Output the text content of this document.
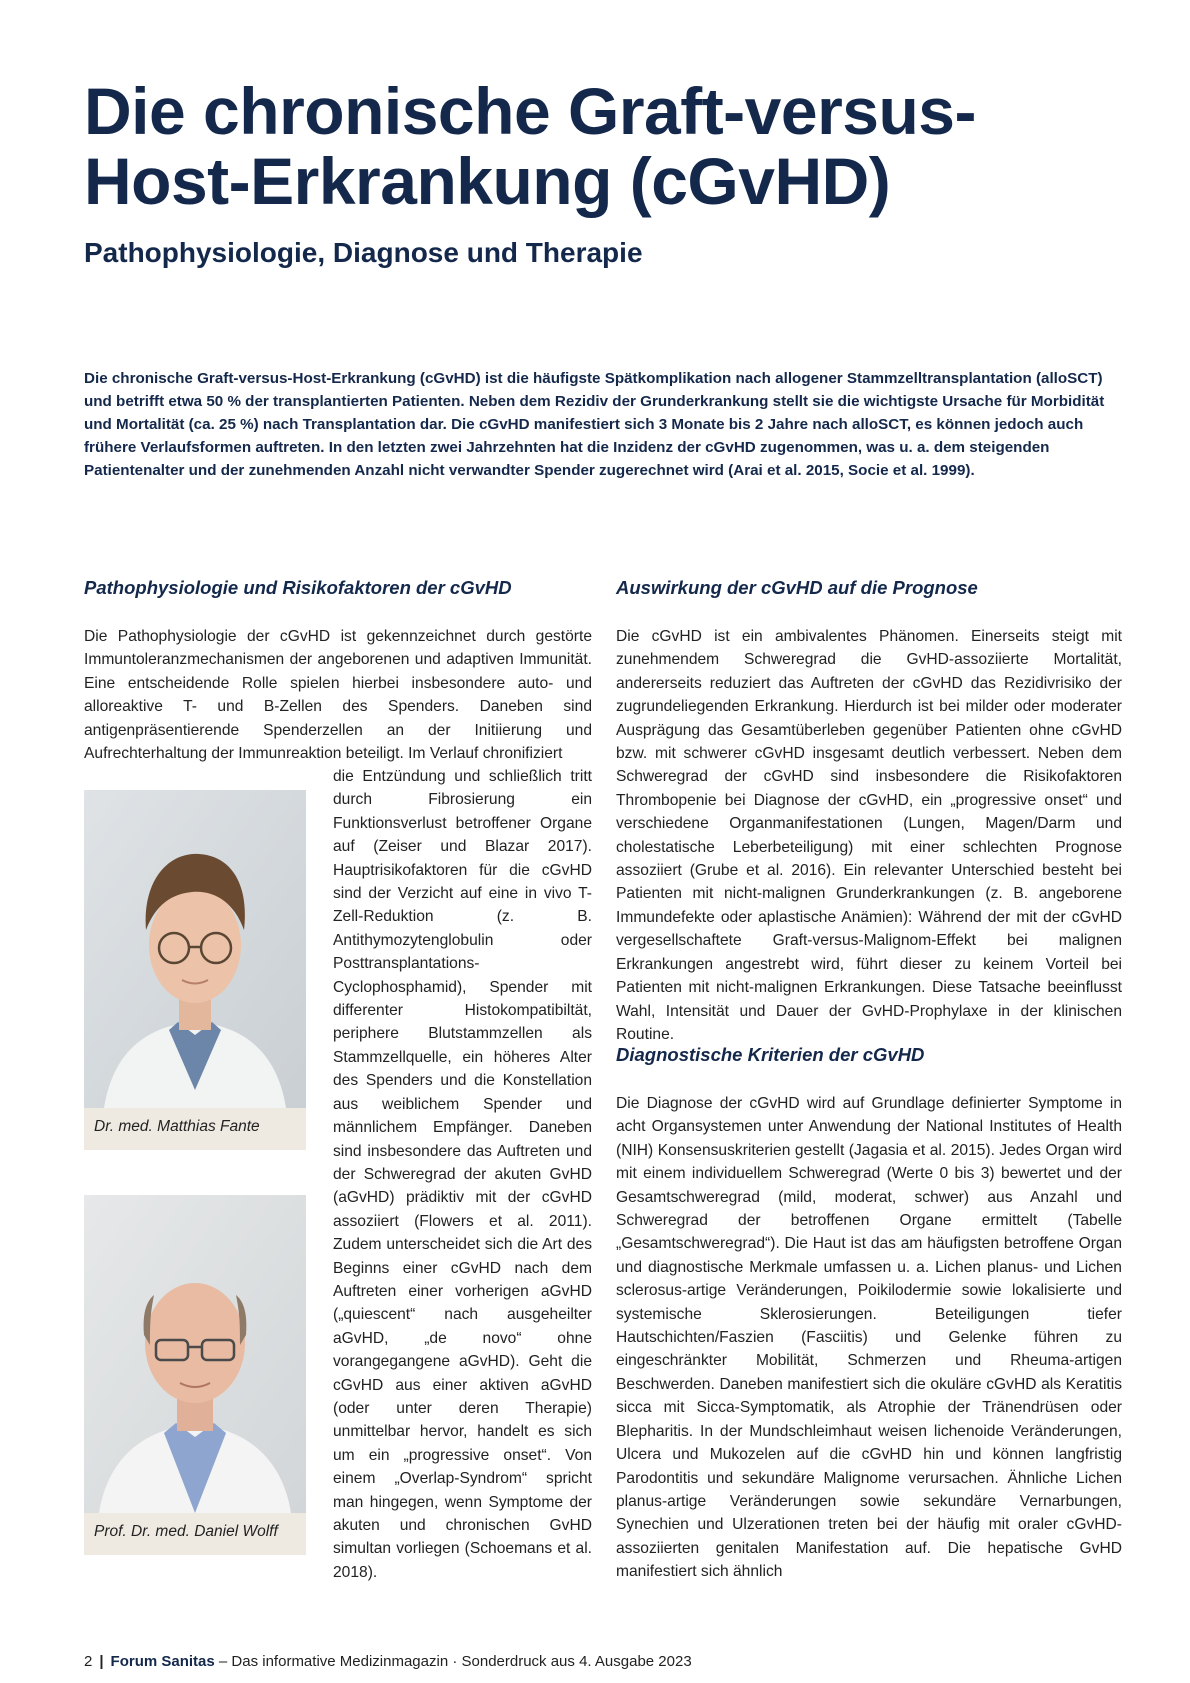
Die chronische Graft-versus-Host-Erkrankung (cGvHD)
Pathophysiologie, Diagnose und Therapie

Die chronische Graft-versus-Host-Erkrankung (cGvHD) ist die häufigste Spätkomplikation nach allogener Stammzelltransplantation (alloSCT) und betrifft etwa 50 % der transplantierten Patienten. Neben dem Rezidiv der Grunderkrankung stellt sie die wichtigste Ursache für Morbidität und Mortalität (ca. 25 %) nach Transplantation dar. Die cGvHD manifestiert sich 3 Monate bis 2 Jahre nach alloSCT, es können jedoch auch frühere Verlaufsformen auftreten. In den letzten zwei Jahrzehnten hat die Inzidenz der cGvHD zugenommen, was u. a. dem steigenden Patientenalter und der zunehmenden Anzahl nicht verwandter Spender zugerechnet wird (Arai et al. 2015, Socie et al. 1999).

Pathophysiologie und Risikofaktoren der cGvHD

Die Pathophysiologie der cGvHD ist gekennzeichnet durch gestörte Immuntoleranzmechanismen der angeborenen und adaptiven Immunität. Eine entscheidende Rolle spielen hierbei insbesondere auto- und alloreaktive T- und B-Zellen des Spenders. Daneben sind antigenpräsentierende Spenderzellen an der Initiierung und Aufrechterhaltung der Immunreaktion beteiligt. Im Verlauf chronifiziert

Dr. med. Matthias Fante
Prof. Dr. med. Daniel Wolff

die Entzündung und schließlich tritt durch Fibrosierung ein Funktionsverlust betroffener Organe auf (Zeiser und Blazar 2017). Hauptrisikofaktoren für die cGvHD sind der Verzicht auf eine in vivo T-Zell-Reduktion (z. B. Antithymozytenglobulin oder Posttransplantations-Cyclophosphamid), Spender mit differenter Histokompatibiltät, periphere Blutstammzellen als Stammzellquelle, ein höheres Alter des Spenders und die Konstellation aus weiblichem Spender und männlichem Empfänger. Daneben sind insbesondere das Auftreten und der Schweregrad der akuten GvHD (aGvHD) prädiktiv mit der cGvHD assoziiert (Flowers et al. 2011). Zudem unterscheidet sich die Art des Beginns einer cGvHD nach dem Auftreten einer vorherigen aGvHD („quiescent“ nach ausgeheilter aGvHD, „de novo“ ohne vorangegangene aGvHD). Geht die cGvHD aus einer aktiven aGvHD (oder unter deren Therapie) unmittelbar hervor, handelt es sich um ein „progressive onset“. Von einem „Overlap-Syndrom“ spricht man hingegen, wenn Symptome der akuten und chronischen GvHD simultan vorliegen (Schoemans et al. 2018).

Auswirkung der cGvHD auf die Prognose

Die cGvHD ist ein ambivalentes Phänomen. Einerseits steigt mit zunehmendem Schweregrad die GvHD-assoziierte Mortalität, andererseits reduziert das Auftreten der cGvHD das Rezidivrisiko der zugrundeliegenden Erkrankung. Hierdurch ist bei milder oder moderater Ausprägung das Gesamtüberleben gegenüber Patienten ohne cGvHD bzw. mit schwerer cGvHD insgesamt deutlich verbessert. Neben dem Schweregrad der cGvHD sind insbesondere die Risikofaktoren Thrombopenie bei Diagnose der cGvHD, ein „progressive onset“ und verschiedene Organmanifestationen (Lungen, Magen/Darm und cholestatische Leberbeteiligung) mit einer schlechten Prognose assoziiert (Grube et al. 2016). Ein relevanter Unterschied besteht bei Patienten mit nicht-malignen Grunderkrankungen (z. B. angeborene Immundefekte oder aplastische Anämien): Während der mit der cGvHD vergesellschaftete Graft-versus-Malignom-Effekt bei malignen Erkrankungen angestrebt wird, führt dieser zu keinem Vorteil bei Patienten mit nicht-malignen Erkrankungen. Diese Tatsache beeinflusst Wahl, Intensität und Dauer der GvHD-Prophylaxe in der klinischen Routine.

Diagnostische Kriterien der cGvHD

Die Diagnose der cGvHD wird auf Grundlage definierter Symptome in acht Organsystemen unter Anwendung der National Institutes of Health (NIH) Konsensuskriterien gestellt (Jagasia et al. 2015). Jedes Organ wird mit einem individuellem Schweregrad (Werte 0 bis 3) bewertet und der Gesamtschweregrad (mild, moderat, schwer) aus Anzahl und Schweregrad der betroffenen Organe ermittelt (Tabelle „Gesamtschweregrad“). Die Haut ist das am häufigsten betroffene Organ und diagnostische Merkmale umfassen u. a. Lichen planus- und Lichen sclerosus-artige Veränderungen, Poikilodermie sowie lokalisierte und systemische Sklerosierungen. Beteiligungen tiefer Hautschichten/Faszien (Fasciitis) und Gelenke führen zu eingeschränkter Mobilität, Schmerzen und Rheuma-artigen Beschwerden. Daneben manifestiert sich die okuläre cGvHD als Keratitis sicca mit Sicca-Symptomatik, als Atrophie der Tränendrüsen oder Blepharitis. In der Mundschleimhaut weisen lichenoide Veränderungen, Ulcera und Mukozelen auf die cGvHD hin und können langfristig Parodontitis und sekundäre Malignome verursachen. Ähnliche Lichen planus-artige Veränderungen sowie sekundäre Vernarbungen, Synechien und Ulzerationen treten bei der häufig mit oraler cGvHD-assoziierten genitalen Manifestation auf. Die hepatische GvHD manifestiert sich ähnlich

2 | Forum Sanitas – Das informative Medizinmagazin · Sonderdruck aus 4. Ausgabe 2023
